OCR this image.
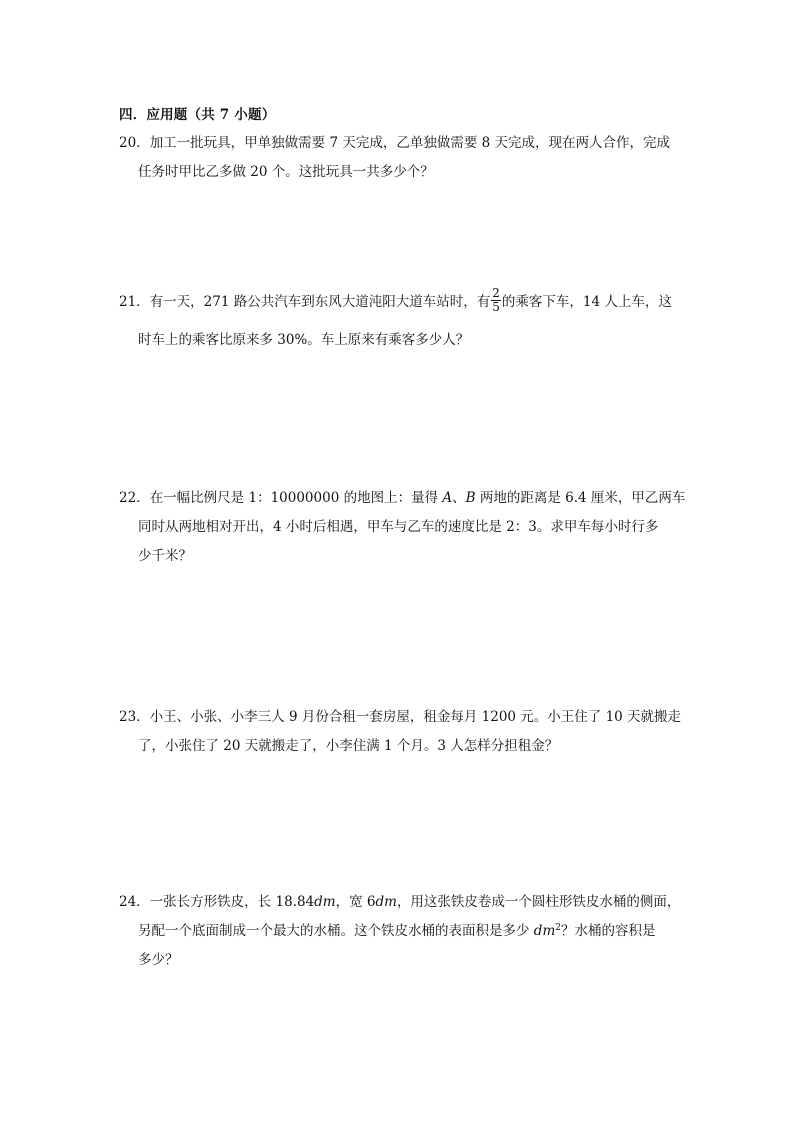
四．应用题（共 7 小题）
20．加工一批玩具，甲单独做需要 7 天完成，乙单独做需要 8 天完成，现在两人合作，完成
任务时甲比乙多做 20 个。这批玩具一共多少个？
21．有一天，271 路公共汽车到东风大道沌阳大道车站时，有 $\frac{2}{5}$ 的乘客下车，14 人上车，这
时车上的乘客比原来多 30%。车上原来有乘客多少人？
22．在一幅比例尺是 1：10000000 的地图上：量得 A、B 两地的距离是 6.4 厘米，甲乙两车
同时从两地相对开出，4 小时后相遇，甲车与乙车的速度比是 2：3。求甲车每小时行多
少千米？
23．小王、小张、小李三人 9 月份合租一套房屋，租金每月 1200 元。小王住了 10 天就搬走
了，小张住了 20 天就搬走了，小李住满 1 个月。3 人怎样分担租金？
24．一张长方形铁皮，长 18.84dm，宽 6dm，用这张铁皮卷成一个圆柱形铁皮水桶的侧面，
另配一个底面制成一个最大的水桶。这个铁皮水桶的表面积是多少 $dm^2$？水桶的容积是
多少？
